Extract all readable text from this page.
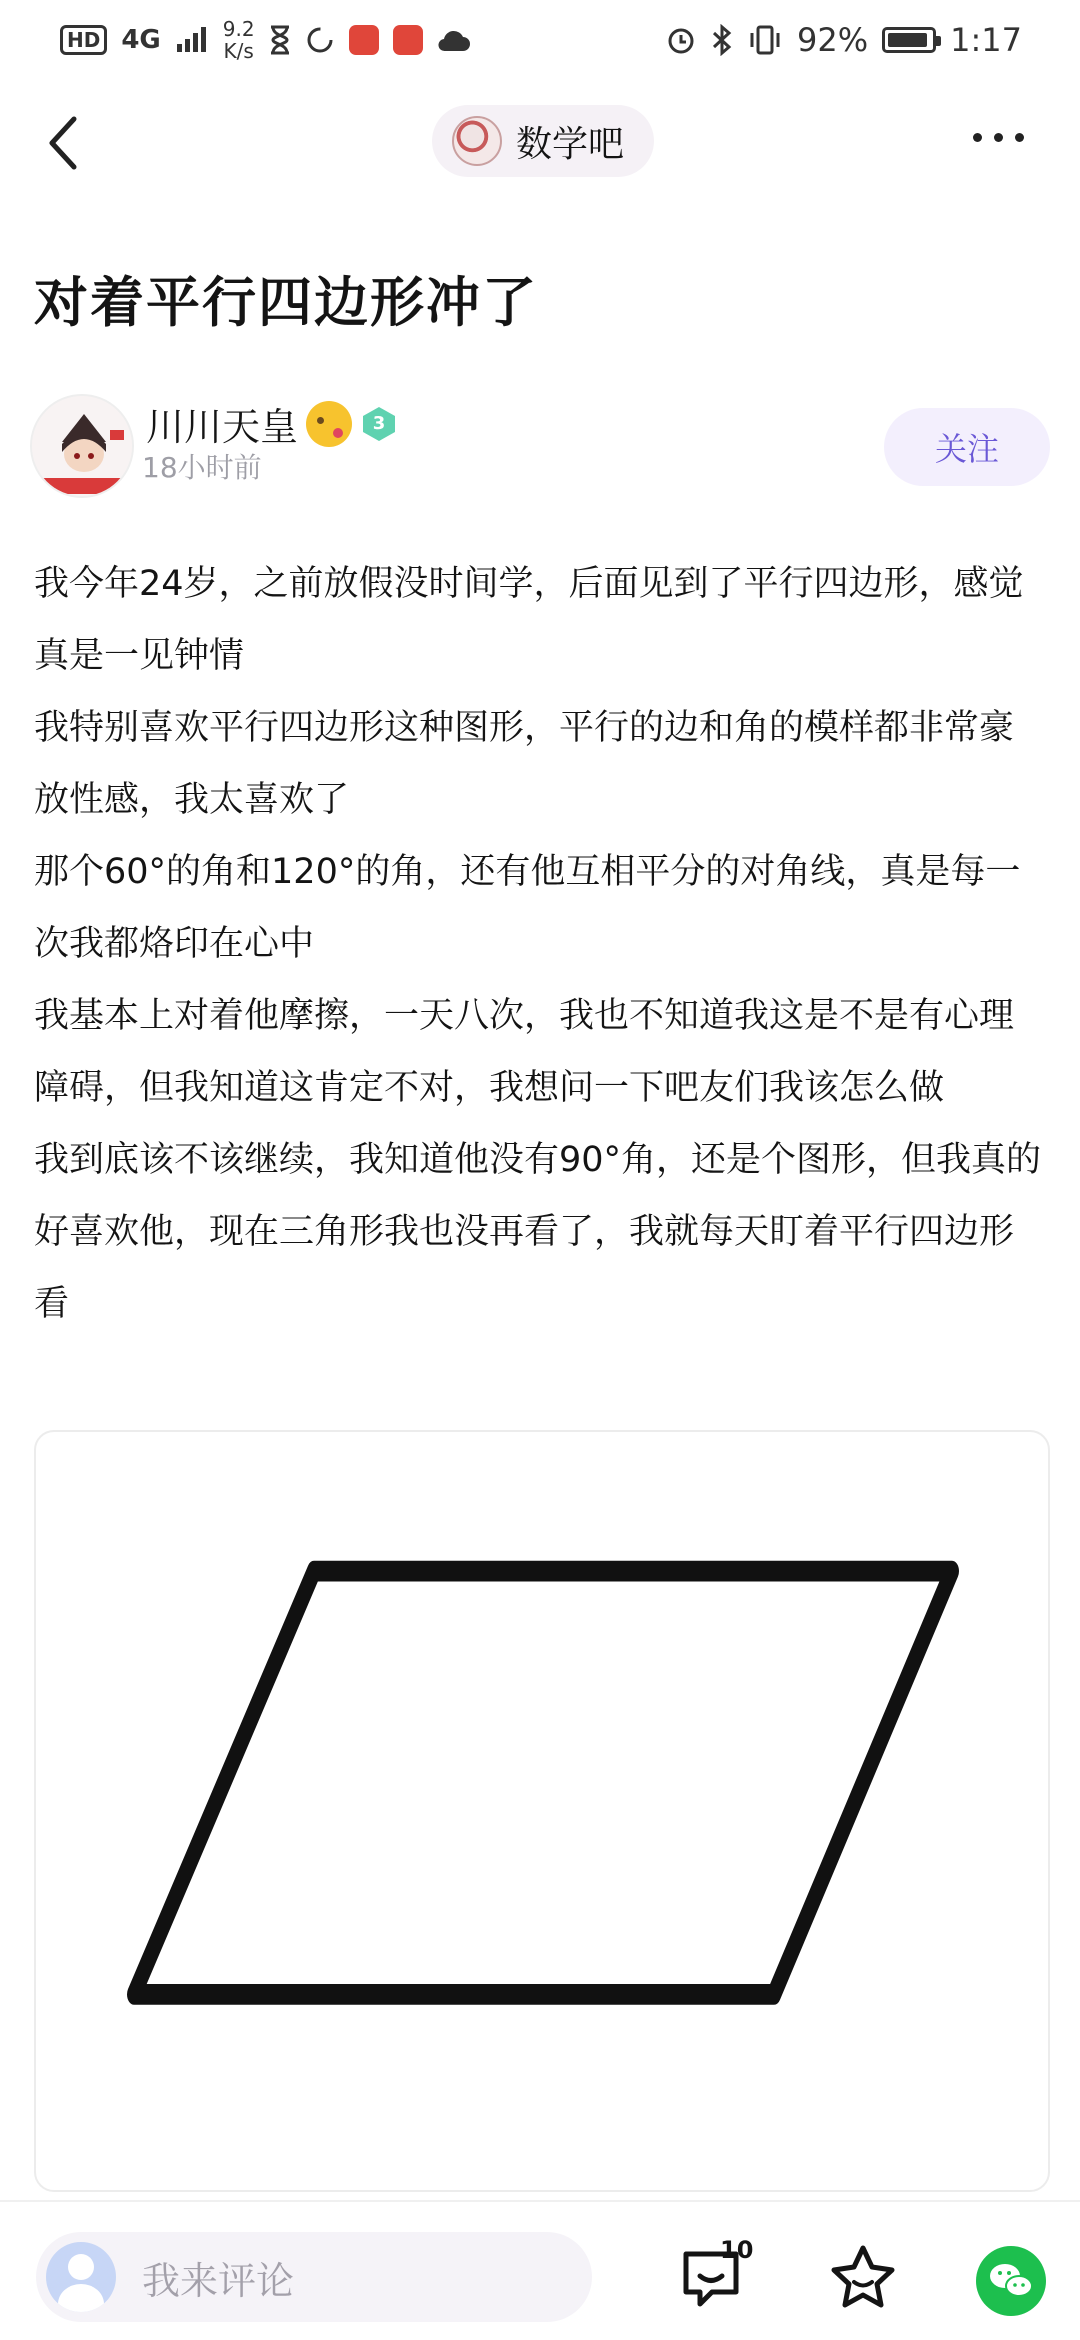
HD 4G	9.2
K/s	92%	1:17
数学吧
对着平行四边形冲了
川川天皇	3
18小时前	关注

我今年24岁，之前放假没时间学，后面见到了平行四边形，感觉真是一见钟情

我特别喜欢平行四边形这种图形，平行的边和角的模样都非常豪放性感，我太喜欢了

那个60°的角和120°的角，还有他互相平分的对角线，真是每一次我都烙印在心中

我基本上对着他摩擦，一天八次，我也不知道我这是不是有心理障碍，但我知道这肯定不对，我想问一下吧友们我该怎么做

我到底该不该继续，我知道他没有90°角，还是个图形，但我真的好喜欢他，现在三角形我也没再看了，我就每天盯着平行四边形看

我来评论
10
